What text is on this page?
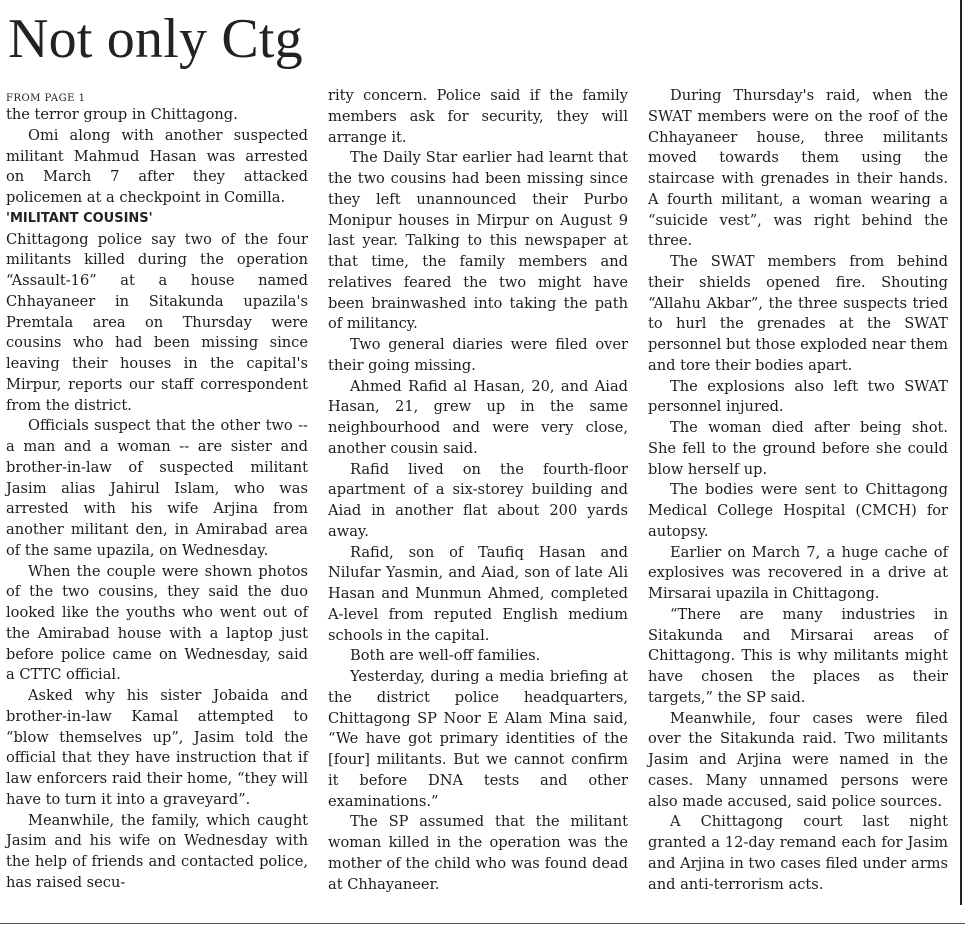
Not only Ctg
FROM PAGE 1

the terror group in Chittagong.

Omi along with another suspected militant Mahmud Hasan was arrested on March 7 after they attacked policemen at a checkpoint in Comilla.

'MILITANT COUSINS'

Chittagong police say two of the four militants killed during the operation “Assault-16” at a house named Chhayaneer in Sitakunda upazila's Premtala area on Thursday were cousins who had been missing since leaving their houses in the capital's Mirpur, reports our staff correspondent from the district.

Officials suspect that the other two -- a man and a woman -- are sister and brother-in-law of suspected militant Jasim alias Jahirul Islam, who was arrested with his wife Arjina from another militant den, in Amirabad area of the same upazila, on Wednesday.

When the couple were shown photos of the two cousins, they said the duo looked like the youths who went out of the Amirabad house with a laptop just before police came on Wednesday, said a CTTC official.

Asked why his sister Jobaida and brother-in-law Kamal attempted to “blow themselves up”, Jasim told the official that they have instruction that if law enforcers raid their home, “they will have to turn it into a graveyard”.

Meanwhile, the family, which caught Jasim and his wife on Wednesday with the help of friends and contacted police, has raised secu-

rity concern. Police said if the family members ask for security, they will arrange it.

The Daily Star earlier had learnt that the two cousins had been missing since they left unannounced their Purbo Monipur houses in Mirpur on August 9 last year. Talking to this newspaper at that time, the family members and relatives feared the two might have been brainwashed into taking the path of militancy.

Two general diaries were filed over their going missing.

Ahmed Rafid al Hasan, 20, and Aiad Hasan, 21, grew up in the same neighbourhood and were very close, another cousin said.

Rafid lived on the fourth-floor apartment of a six-storey building and Aiad in another flat about 200 yards away.

Rafid, son of Taufiq Hasan and Nilufar Yasmin, and Aiad, son of late Ali Hasan and Munmun Ahmed, completed A-level from reputed English medium schools in the capital.

Both are well-off families.

Yesterday, during a media briefing at the district police headquarters, Chittagong SP Noor E Alam Mina said, “We have got primary identities of the [four] militants. But we cannot confirm it before DNA tests and other examinations.”

The SP assumed that the militant woman killed in the operation was the mother of the child who was found dead at Chhayaneer.

During Thursday's raid, when the SWAT members were on the roof of the Chhayaneer house, three militants moved towards them using the staircase with grenades in their hands. A fourth militant, a woman wearing a “suicide vest”, was right behind the three.

The SWAT members from behind their shields opened fire. Shouting “Allahu Akbar”, the three suspects tried to hurl the grenades at the SWAT personnel but those exploded near them and tore their bodies apart.

The explosions also left two SWAT personnel injured.

The woman died after being shot. She fell to the ground before she could blow herself up.

The bodies were sent to Chittagong Medical College Hospital (CMCH) for autopsy.

Earlier on March 7, a huge cache of explosives was recovered in a drive at Mirsarai upazila in Chittagong.

“There are many industries in Sitakunda and Mirsarai areas of Chittagong. This is why militants might have chosen the places as their targets,” the SP said.

Meanwhile, four cases were filed over the Sitakunda raid. Two militants Jasim and Arjina were named in the cases. Many unnamed persons were also made accused, said police sources.

A Chittagong court last night granted a 12-day remand each for Jasim and Arjina in two cases filed under arms and anti-terrorism acts.
